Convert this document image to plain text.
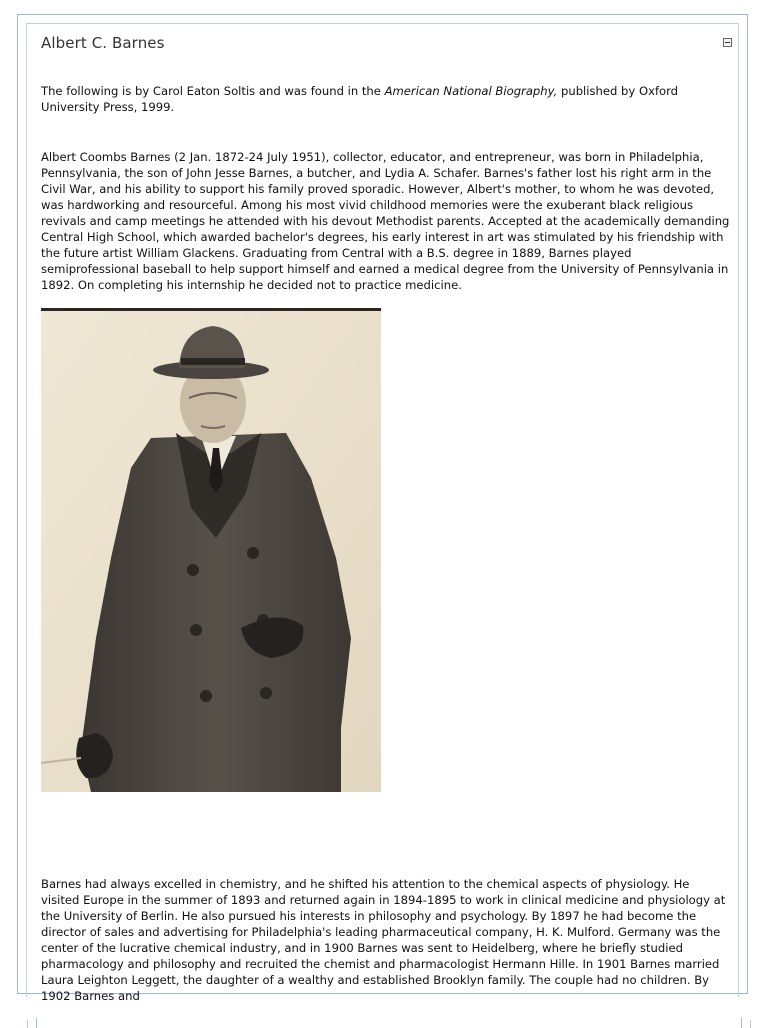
Albert C. Barnes

The following is by Carol Eaton Soltis and was found in the American National Biography, published by Oxford University Press, 1999.

Albert Coombs Barnes (2 Jan. 1872-24 July 1951), collector, educator, and entrepreneur, was born in Philadelphia, Pennsylvania, the son of John Jesse Barnes, a butcher, and Lydia A. Schafer. Barnes's father lost his right arm in the Civil War, and his ability to support his family proved sporadic. However, Albert's mother, to whom he was devoted, was hardworking and resourceful. Among his most vivid childhood memories were the exuberant black religious revivals and camp meetings he attended with his devout Methodist parents. Accepted at the academically demanding Central High School, which awarded bachelor's degrees, his early interest in art was stimulated by his friendship with the future artist William Glackens. Graduating from Central with a B.S. degree in 1889, Barnes played semiprofessional baseball to help support himself and earned a medical degree from the University of Pennsylvania in 1892. On completing his internship he decided not to practice medicine.

Barnes had always excelled in chemistry, and he shifted his attention to the chemical aspects of physiology. He visited Europe in the summer of 1893 and returned again in 1894-1895 to work in clinical medicine and physiology at the University of Berlin. He also pursued his interests in philosophy and psychology. By 1897 he had become the director of sales and advertising for Philadelphia's leading pharmaceutical company, H. K. Mulford. Germany was the center of the lucrative chemical industry, and in 1900 Barnes was sent to Heidelberg, where he briefly studied pharmacology and philosophy and recruited the chemist and pharmacologist Hermann Hille. In 1901 Barnes married Laura Leighton Leggett, the daughter of a wealthy and established Brooklyn family. The couple had no children. By 1902 Barnes and
